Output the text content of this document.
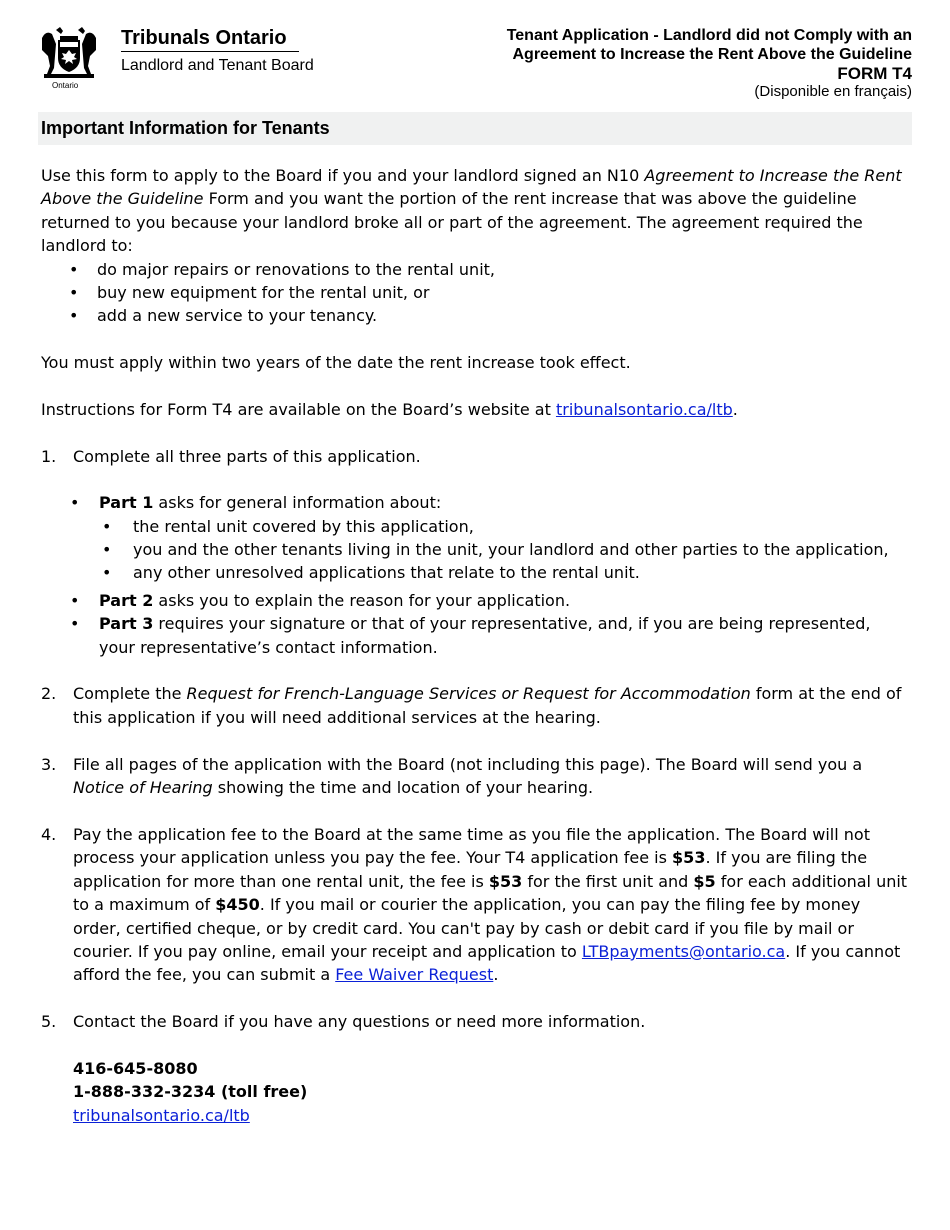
Ontario
Tribunals Ontario
Landlord and Tenant Board
Tenant Application - Landlord did not Comply with an
Agreement to Increase the Rent Above the Guideline
FORM T4
(Disponible en français)
Important Information for Tenants

Use this form to apply to the Board if you and your landlord signed an N10 Agreement to Increase the Rent Above the Guideline Form and you want the portion of the rent increase that was above the guideline returned to you because your landlord broke all or part of the agreement. The agreement required the landlord to:

• do major repairs or renovations to the rental unit,
• buy new equipment for the rental unit, or
• add a new service to your tenancy.

You must apply within two years of the date the rent increase took effect.

Instructions for Form T4 are available on the Board’s website at tribunalsontario.ca/ltb.

1. Complete all three parts of this application.
• Part 1 asks for general information about:
• the rental unit covered by this application,
• you and the other tenants living in the unit, your landlord and other parties to the application,
• any other unresolved applications that relate to the rental unit.
• Part 2 asks you to explain the reason for your application.
• Part 3 requires your signature or that of your representative, and, if you are being represented, your representative’s contact information.
2. Complete the Request for French-Language Services or Request for Accommodation form at the end of this application if you will need additional services at the hearing.
3. File all pages of the application with the Board (not including this page). The Board will send you a Notice of Hearing showing the time and location of your hearing.
4. Pay the application fee to the Board at the same time as you file the application. The Board will not process your application unless you pay the fee. Your T4 application fee is $53. If you are filing the application for more than one rental unit, the fee is $53 for the first unit and $5 for each additional unit to a maximum of $450. If you mail or courier the application, you can pay the filing fee by money order, certified cheque, or by credit card. You can't pay by cash or debit card if you file by mail or courier. If you pay online, email your receipt and application to LTBpayments@ontario.ca. If you cannot afford the fee, you can submit a Fee Waiver Request.
5. Contact the Board if you have any questions or need more information.
416-645-8080
1-888-332-3234 (toll free)
tribunalsontario.ca/ltb
